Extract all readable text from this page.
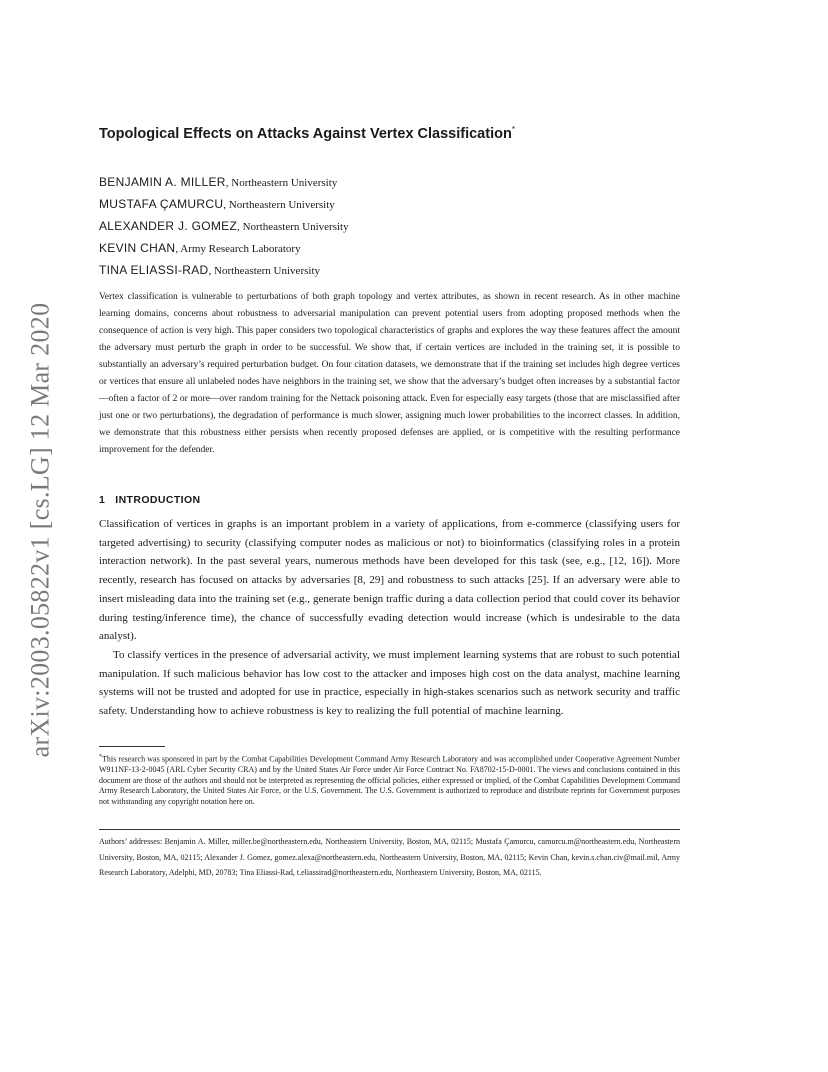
arXiv:2003.05822v1 [cs.LG] 12 Mar 2020
Topological Effects on Attacks Against Vertex Classification*
BENJAMIN A. MILLER, Northeastern University
MUSTAFA ÇAMURCU, Northeastern University
ALEXANDER J. GOMEZ, Northeastern University
KEVIN CHAN, Army Research Laboratory
TINA ELIASSI-RAD, Northeastern University

Vertex classification is vulnerable to perturbations of both graph topology and vertex attributes, as shown in recent research. As in other machine learning domains, concerns about robustness to adversarial manipulation can prevent potential users from adopting proposed methods when the consequence of action is very high. This paper considers two topological characteristics of graphs and explores the way these features affect the amount the adversary must perturb the graph in order to be successful. We show that, if certain vertices are included in the training set, it is possible to substantially an adversary’s required perturbation budget. On four citation datasets, we demonstrate that if the training set includes high degree vertices or vertices that ensure all unlabeled nodes have neighbors in the training set, we show that the adversary’s budget often increases by a substantial factor—often a factor of 2 or more—over random training for the Nettack poisoning attack. Even for especially easy targets (those that are misclassified after just one or two perturbations), the degradation of performance is much slower, assigning much lower probabilities to the incorrect classes. In addition, we demonstrate that this robustness either persists when recently proposed defenses are applied, or is competitive with the resulting performance improvement for the defender.

1 INTRODUCTION

Classification of vertices in graphs is an important problem in a variety of applications, from e-commerce (classifying users for targeted advertising) to security (classifying computer nodes as malicious or not) to bioinformatics (classifying roles in a protein interaction network). In the past several years, numerous methods have been developed for this task (see, e.g., [12, 16]). More recently, research has focused on attacks by adversaries [8, 29] and robustness to such attacks [25]. If an adversary were able to insert misleading data into the training set (e.g., generate benign traffic during a data collection period that could cover its behavior during testing/inference time), the chance of successfully evading detection would increase (which is undesirable to the data analyst).

To classify vertices in the presence of adversarial activity, we must implement learning systems that are robust to such potential manipulation. If such malicious behavior has low cost to the attacker and imposes high cost on the data analyst, machine learning systems will not be trusted and adopted for use in practice, especially in high-stakes scenarios such as network security and traffic safety. Understanding how to achieve robustness is key to realizing the full potential of machine learning.

*This research was sponsored in part by the Combat Capabilities Development Command Army Research Laboratory and was accomplished under Cooperative Agreement Number W911NF-13-2-0045 (ARL Cyber Security CRA) and by the United States Air Force under Air Force Contract No. FA8702-15-D-0001. The views and conclusions contained in this document are those of the authors and should not be interpreted as representing the official policies, either expressed or implied, of the Combat Capabilities Development Command Army Research Laboratory, the United States Air Force, or the U.S. Government. The U.S. Government is authorized to reproduce and distribute reprints for Government purposes not withstanding any copyright notation here on.

Authors’ addresses: Benjamin A. Miller, miller.be@northeastern.edu, Northeastern University, Boston, MA, 02115; Mustafa Çamurcu, camurcu.m@northeastern.edu, Northeastern University, Boston, MA, 02115; Alexander J. Gomez, gomez.alexa@northeastern.edu, Northeastern University, Boston, MA, 02115; Kevin Chan, kevin.s.chan.civ@mail.mil, Army Research Laboratory, Adelphi, MD, 20783; Tina Eliassi-Rad, t.eliassirad@northeastern.edu, Northeastern University, Boston, MA, 02115.
